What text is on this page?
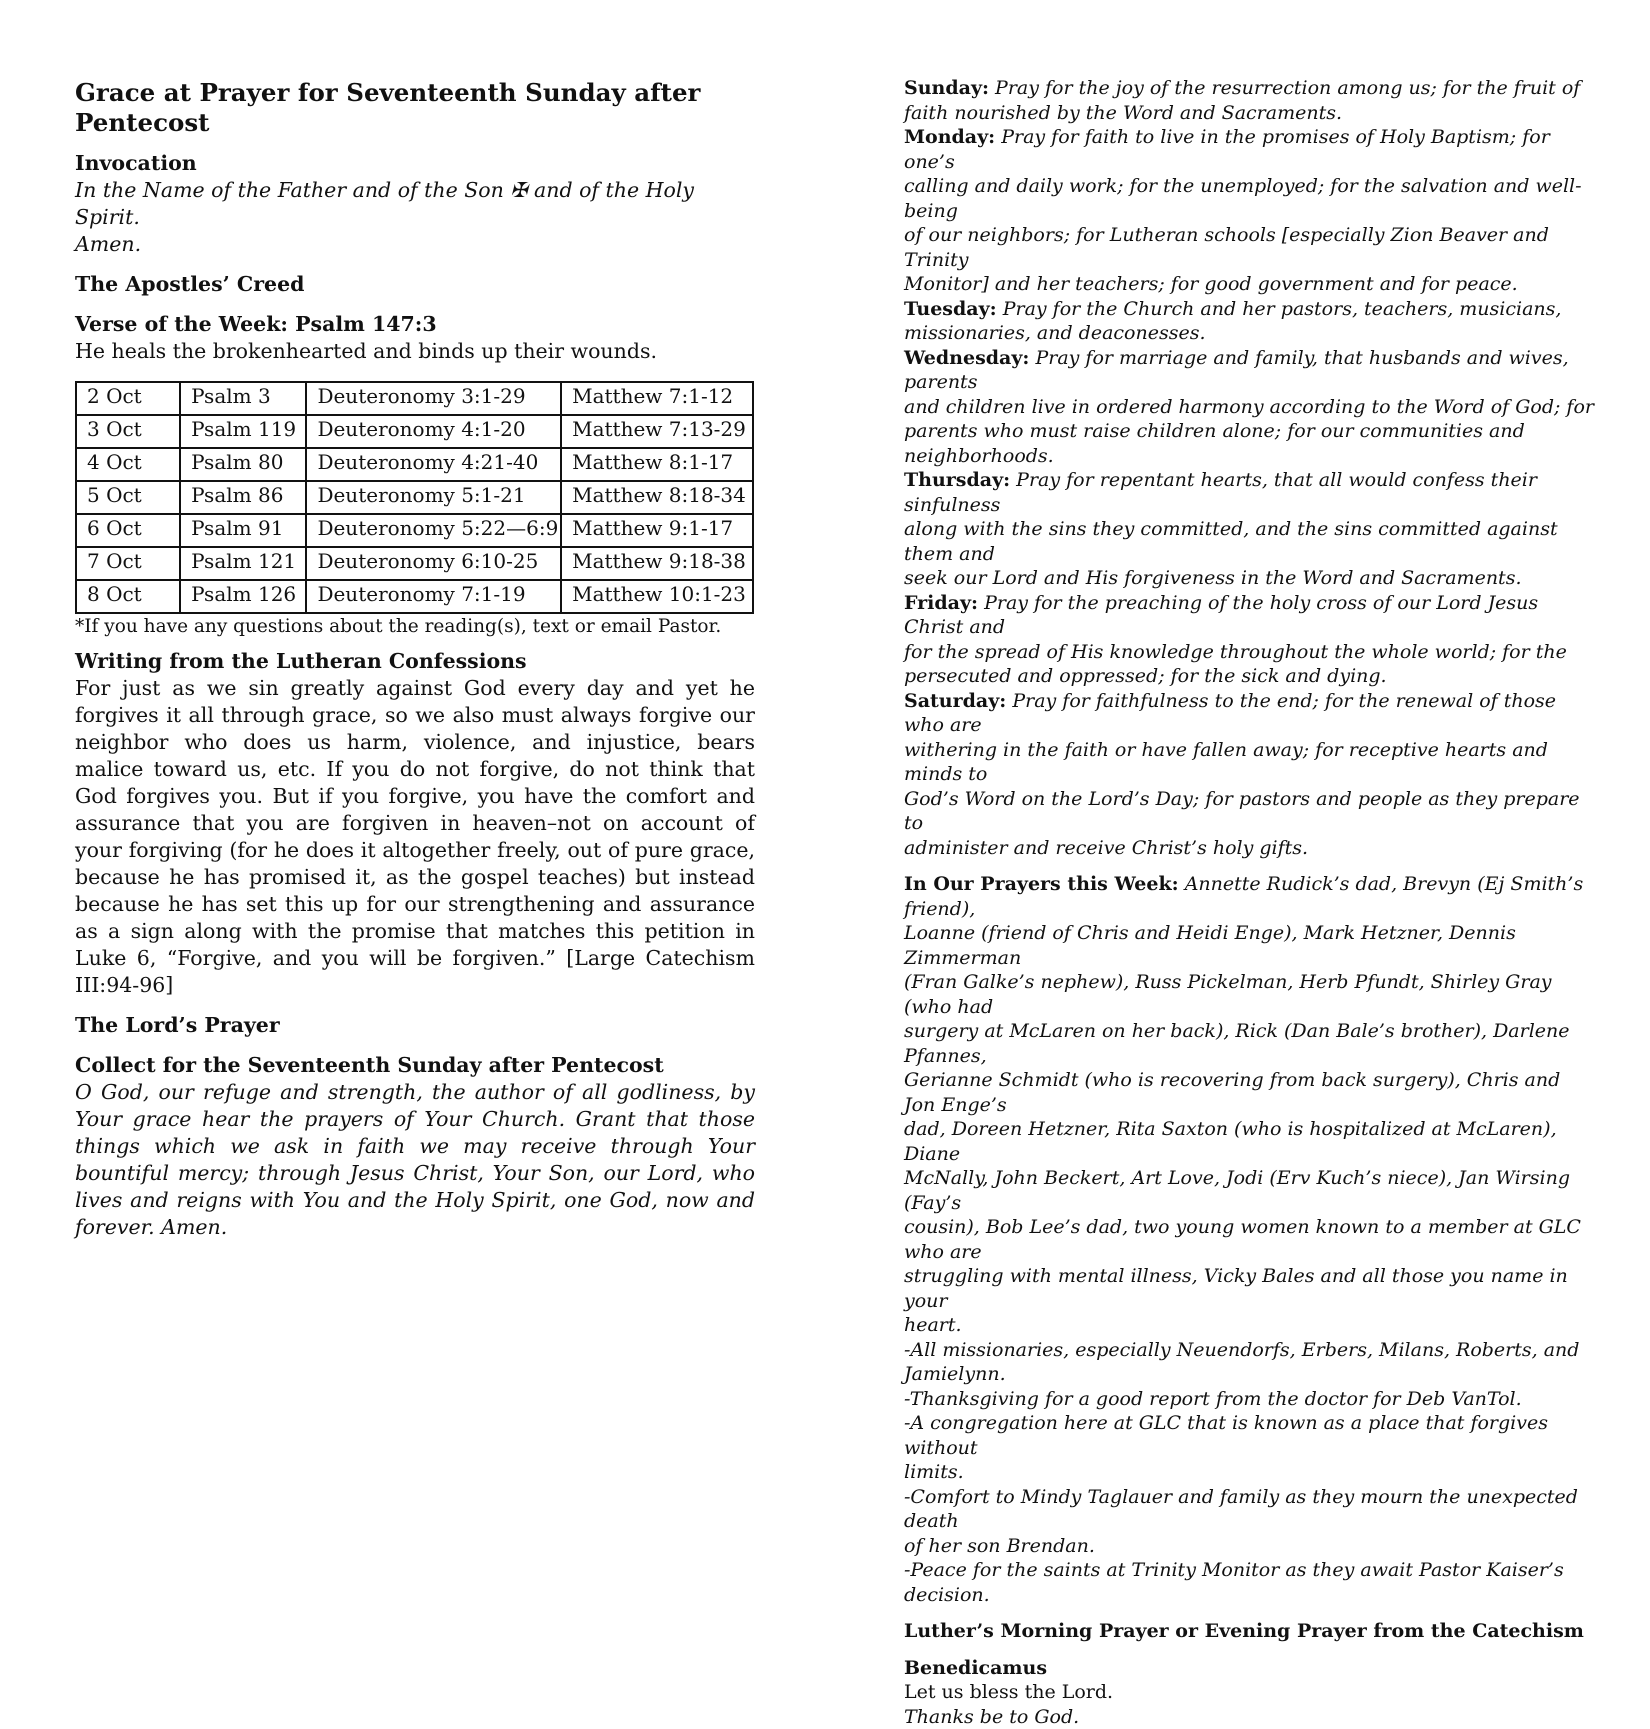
Grace at Prayer for Seventeenth Sunday after Pentecost

Invocation

In the Name of the Father and of the Son ✠ and of the Holy Spirit.

Amen.

The Apostles’ Creed

Verse of the Week: Psalm 147:3

He heals the brokenhearted and binds up their wounds.

2 Oct	Psalm 3	Deuteronomy 3:1-29	Matthew 7:1-12
3 Oct	Psalm 119	Deuteronomy 4:1-20	Matthew 7:13-29
4 Oct	Psalm 80	Deuteronomy 4:21-40	Matthew 8:1-17
5 Oct	Psalm 86	Deuteronomy 5:1-21	Matthew 8:18-34
6 Oct	Psalm 91	Deuteronomy 5:22—6:9	Matthew 9:1-17
7 Oct	Psalm 121	Deuteronomy 6:10-25	Matthew 9:18-38
8 Oct	Psalm 126	Deuteronomy 7:1-19	Matthew 10:1-23

*If you have any questions about the reading(s), text or email Pastor.

Writing from the Lutheran Confessions

For just as we sin greatly against God every day and yet he forgives it all through grace, so we also must always forgive our neighbor who does us harm, violence, and injustice, bears malice toward us, etc. If you do not forgive, do not think that God forgives you. But if you forgive, you have the comfort and assurance that you are forgiven in heaven–not on account of your forgiving (for he does it altogether freely, out of pure grace, because he has promised it, as the gospel teaches) but instead because he has set this up for our strengthening and assurance as a sign along with the promise that matches this petition in Luke 6, “Forgive, and you will be forgiven.” [Large Catechism III:94-96]

The Lord’s Prayer

Collect for the Seventeenth Sunday after Pentecost

O God, our refuge and strength, the author of all godliness, by Your grace hear the prayers of Your Church. Grant that those things which we ask in faith we may receive through Your bountiful mercy; through Jesus Christ, Your Son, our Lord, who lives and reigns with You and the Holy Spirit, one God, now and forever. Amen.

Sunday: Pray for the joy of the resurrection among us; for the fruit of
faith nourished by the Word and Sacraments.
Monday: Pray for faith to live in the promises of Holy Baptism; for one’s
calling and daily work; for the unemployed; for the salvation and well-being
of our neighbors; for Lutheran schools [especially Zion Beaver and Trinity
Monitor] and her teachers; for good government and for peace.
Tuesday: Pray for the Church and her pastors, teachers, musicians,
missionaries, and deaconesses.
Wednesday: Pray for marriage and family, that husbands and wives, parents
and children live in ordered harmony according to the Word of God; for
parents who must raise children alone; for our communities and
neighborhoods.
Thursday: Pray for repentant hearts, that all would confess their sinfulness
along with the sins they committed, and the sins committed against them and
seek our Lord and His forgiveness in the Word and Sacraments.
Friday: Pray for the preaching of the holy cross of our Lord Jesus Christ and
for the spread of His knowledge throughout the whole world; for the
persecuted and oppressed; for the sick and dying.
Saturday: Pray for faithfulness to the end; for the renewal of those who are
withering in the faith or have fallen away; for receptive hearts and minds to
God’s Word on the Lord’s Day; for pastors and people as they prepare to
administer and receive Christ’s holy gifts.
In Our Prayers this Week: Annette Rudick’s dad, Brevyn (Ej Smith’s friend),
Loanne (friend of Chris and Heidi Enge), Mark Hetzner, Dennis Zimmerman
(Fran Galke’s nephew), Russ Pickelman, Herb Pfundt, Shirley Gray (who had
surgery at McLaren on her back), Rick (Dan Bale’s brother), Darlene Pfannes,
Gerianne Schmidt (who is recovering from back surgery), Chris and Jon Enge’s
dad, Doreen Hetzner, Rita Saxton (who is hospitalized at McLaren), Diane
McNally, John Beckert, Art Love, Jodi (Erv Kuch’s niece), Jan Wirsing (Fay’s
cousin), Bob Lee’s dad, two young women known to a member at GLC who are
struggling with mental illness, Vicky Bales and all those you name in your
heart.
-All missionaries, especially Neuendorfs, Erbers, Milans, Roberts, and
Jamielynn.
-Thanksgiving for a good report from the doctor for Deb VanTol.
-A congregation here at GLC that is known as a place that forgives without
limits.
-Comfort to Mindy Taglauer and family as they mourn the unexpected death
of her son Brendan.
-Peace for the saints at Trinity Monitor as they await Pastor Kaiser’s decision.

Luther’s Morning Prayer or Evening Prayer from the Catechism

Benedicamus

Let us bless the Lord.

Thanks be to God.
